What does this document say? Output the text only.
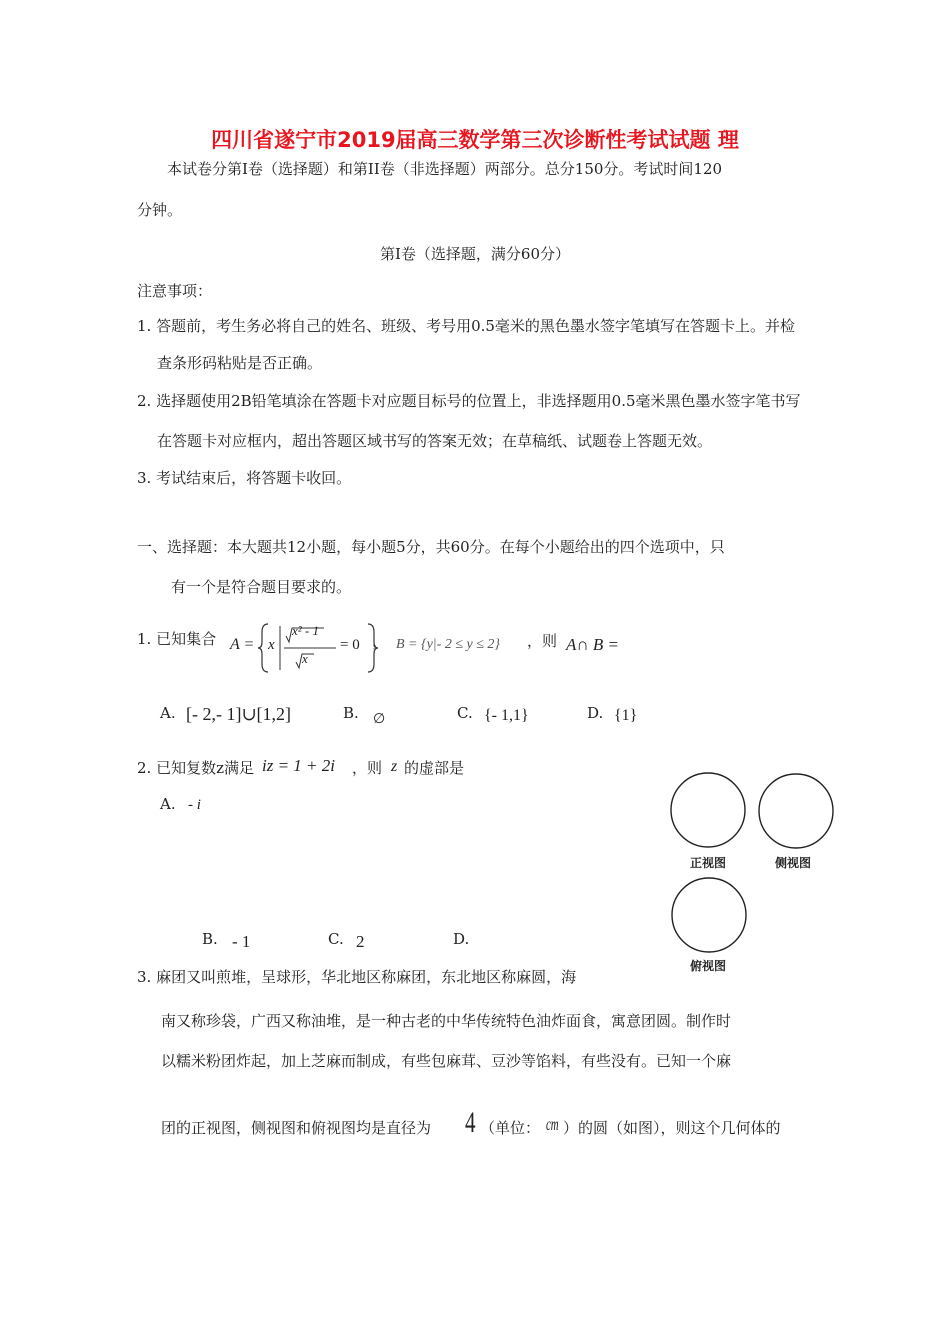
四川省遂宁市2019届高三数学第三次诊断性考试试题 理
本试卷分第I卷（选择题）和第II卷（非选择题）两部分。总分150分。考试时间120
分钟。
第I卷（选择题，满分60分）
注意事项：
1. 答题前，考生务必将自己的姓名、班级、考号用0.5毫米的黑色墨水签字笔填写在答题卡上。并检
查条形码粘贴是否正确。
2. 选择题使用2B铅笔填涂在答题卡对应题目标号的位置上，非选择题用0.5毫米黑色墨水签字笔书写
在答题卡对应框内，超出答题区域书写的答案无效；在草稿纸、试题卷上答题无效。
3. 考试结束后，将答题卡收回。
一、选择题：本大题共12小题，每小题5分，共60分。在每个小题给出的四个选项中，只
有一个是符合题目要求的。
1. 已知集合 A = x
x² - 1
x
= 0 ， B = {y|- 2 ≤ y ≤ 2} ，则 A∩ B =
A. [- 2,- 1]∪[1,2]	B. ∅	C. {- 1,1}	D. {1}
2. 已知复数z满足 iz = 1 + 2i ，则 z 的虚部是
A. - i
B. - 1	C. 2	D.
正视图	侧视图
俯视图
3. 麻团又叫煎堆，呈球形，华北地区称麻团，东北地区称麻圆，海
南又称珍袋，广西又称油堆，是一种古老的中华传统特色油炸面食，寓意团圆。制作时
以糯米粉团炸起，加上芝麻而制成，有些包麻茸、豆沙等馅料，有些没有。已知一个麻
团的正视图，侧视图和俯视图均是直径为 4 （单位： cm ）的圆（如图），则这个几何体的
